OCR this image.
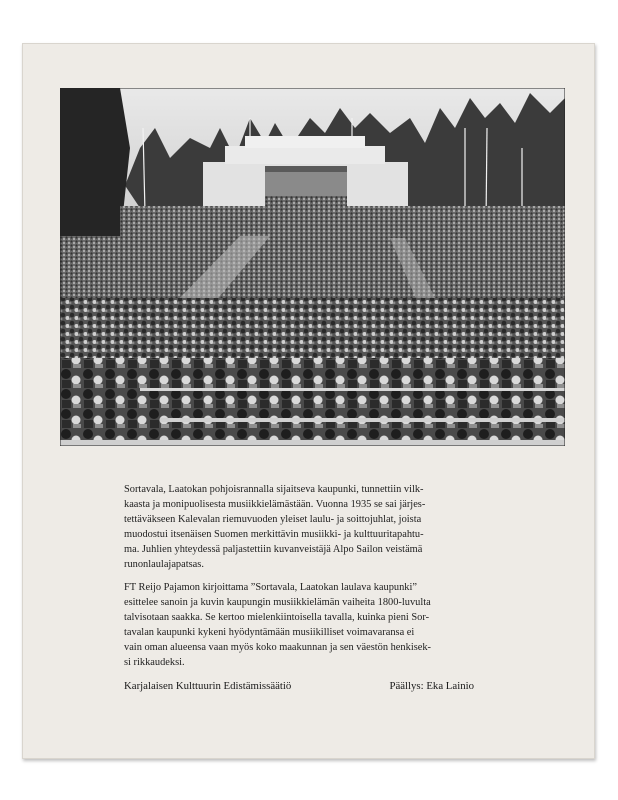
Sortavala, Laatokan pohjoisrannalla sijaitseva kaupunki, tunnettiin vilk-
kaasta ja monipuolisesta musiikkielämästään. Vuonna 1935 se sai järjes-
tettäväkseen Kalevalan riemuvuoden yleiset laulu- ja soittojuhlat, joista
muodostui itsenäisen Suomen merkittävin musiikki- ja kulttuuritapahtu-
ma. Juhlien yhteydessä paljastettiin kuvanveistäjä Alpo Sailon veistämä
runonlaulajapatsas.

FT Reijo Pajamon kirjoittama ”Sortavala, Laatokan laulava kaupunki”
esittelee sanoin ja kuvin kaupungin musiikkielämän vaiheita 1800-luvulta
talvisotaan saakka. Se kertoo mielenkiintoisella tavalla, kuinka pieni Sor-
tavalan kaupunki kykeni hyödyntämään musiikilliset voimavaransa ei
vain oman alueensa vaan myös koko maakunnan ja sen väestön henkisek-
si rikkaudeksi.

Karjalaisen Kulttuurin Edistämissäätiö	Päällys: Eka Lainio
